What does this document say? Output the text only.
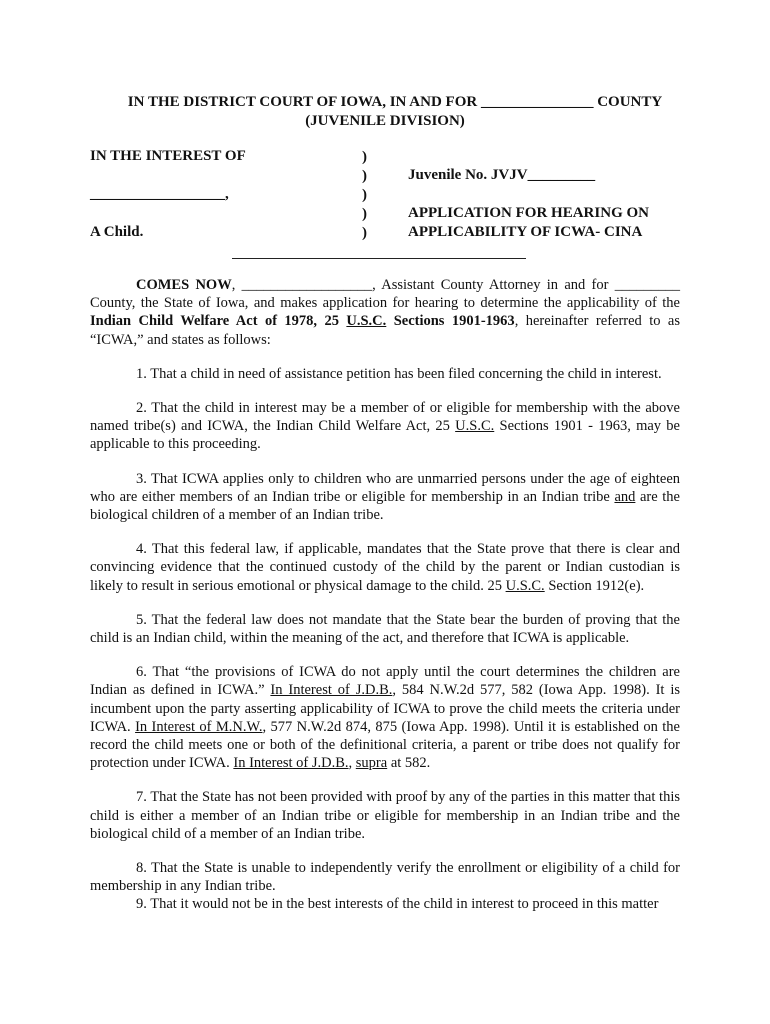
IN THE DISTRICT COURT OF IOWA, IN AND FOR _______________ COUNTY
(JUVENILE DIVISION)
IN THE INTEREST OF
__________________,
A Child.
)
)
)
)
)
Juvenile No. JVJV_________
APPLICATION FOR HEARING ON
APPLICABILITY OF ICWA- CINA

COMES NOW, __________________, Assistant County Attorney in and for _________ County, the State of Iowa, and makes application for hearing to determine the applicability of the Indian Child Welfare Act of 1978, 25 U.S.C. Sections 1901-1963, hereinafter referred to as “ICWA,” and states as follows:

1. That a child in need of assistance petition has been filed concerning the child in interest.

2. That the child in interest may be a member of or eligible for membership with the above named tribe(s) and ICWA, the Indian Child Welfare Act, 25 U.S.C. Sections 1901 - 1963, may be applicable to this proceeding.

3. That ICWA applies only to children who are unmarried persons under the age of eighteen who are either members of an Indian tribe or eligible for membership in an Indian tribe and are the biological children of a member of an Indian tribe.

4. That this federal law, if applicable, mandates that the State prove that there is clear and convincing evidence that the continued custody of the child by the parent or Indian custodian is likely to result in serious emotional or physical damage to the child. 25 U.S.C. Section 1912(e).

5. That the federal law does not mandate that the State bear the burden of proving that the child is an Indian child, within the meaning of the act, and therefore that ICWA is applicable.

6. That “the provisions of ICWA do not apply until the court determines the children are Indian as defined in ICWA.” In Interest of J.D.B., 584 N.W.2d 577, 582 (Iowa App. 1998). It is incumbent upon the party asserting applicability of ICWA to prove the child meets the criteria under ICWA. In Interest of M.N.W., 577 N.W.2d 874, 875 (Iowa App. 1998). Until it is established on the record the child meets one or both of the definitional criteria, a parent or tribe does not qualify for protection under ICWA. In Interest of J.D.B., supra at 582.

7. That the State has not been provided with proof by any of the parties in this matter that this child is either a member of an Indian tribe or eligible for membership in an Indian tribe and the biological child of a member of an Indian tribe.

8. That the State is unable to independently verify the enrollment or eligibility of a child for membership in any Indian tribe.

9. That it would not be in the best interests of the child in interest to proceed in this matter
